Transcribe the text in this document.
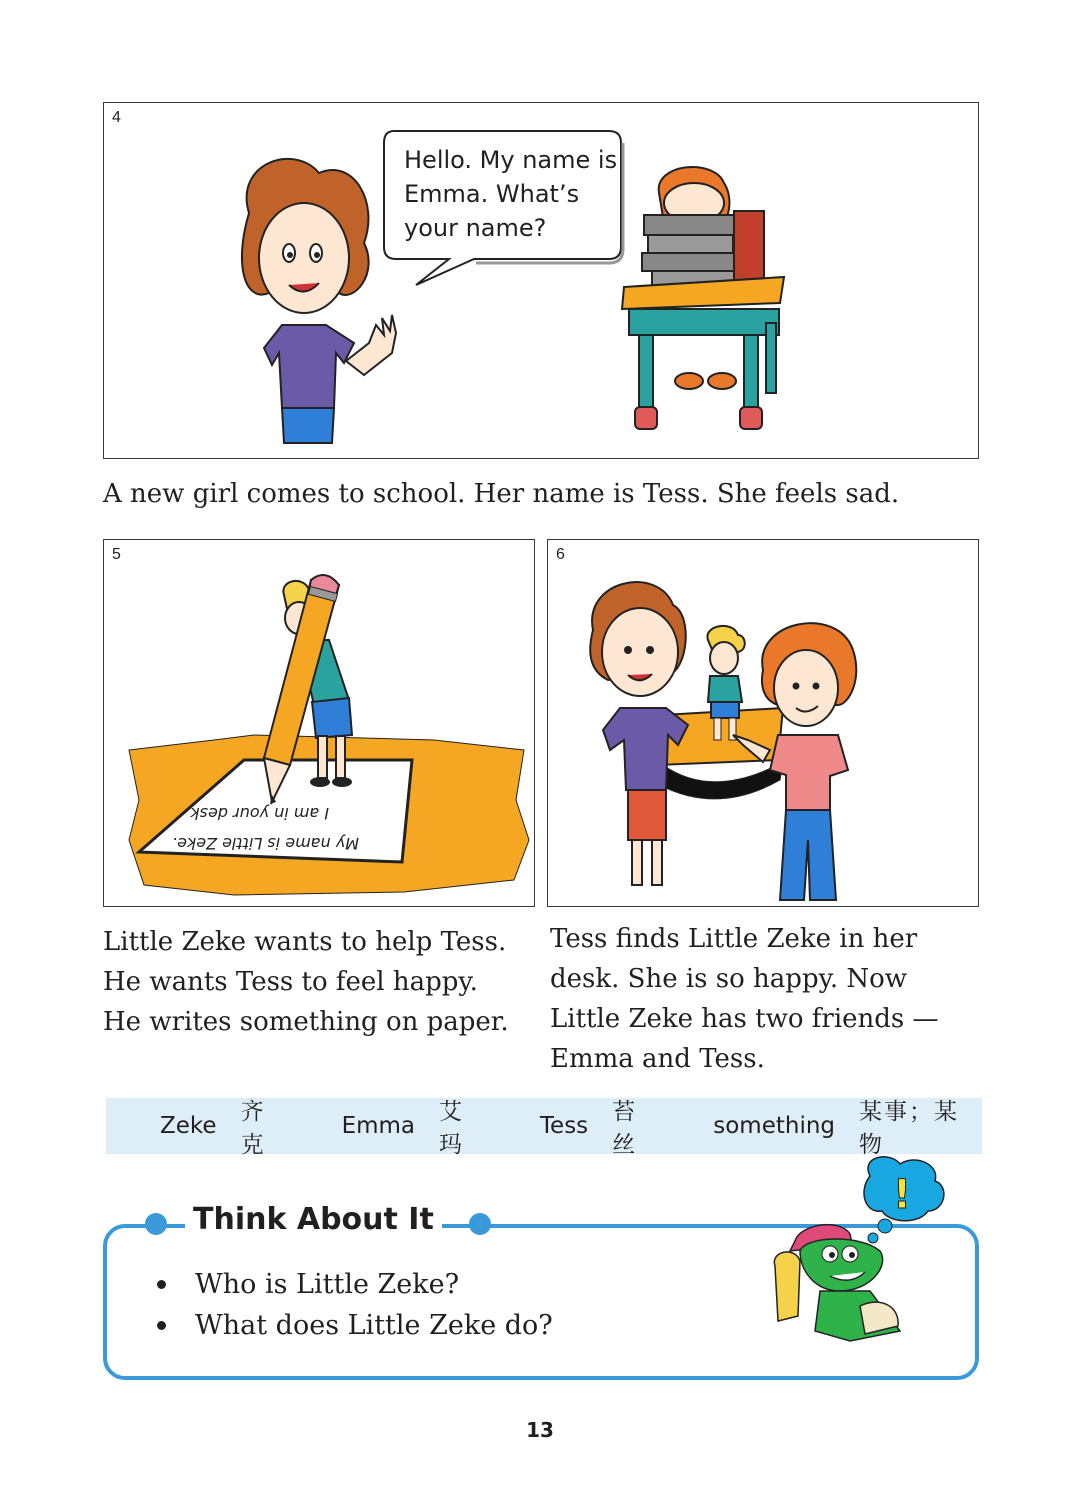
4
Hello. My name is Emma. What’s your name?

A new girl comes to school. Her name is Tess. She feels sad.

5
My name is Little Zeke.
I am in your desk.

Little Zeke wants to help Tess.

He wants Tess to feel happy.

He writes something on paper.

6

Tess finds Little Zeke in her

desk. She is so happy. Now

Little Zeke has two friends —

Emma and Tess.

Zeke
齐克
Emma
艾玛
Tess
苔丝
something
某事；某物
Think About It
Who is Little Zeke?
What does Little Zeke do?
!
13
